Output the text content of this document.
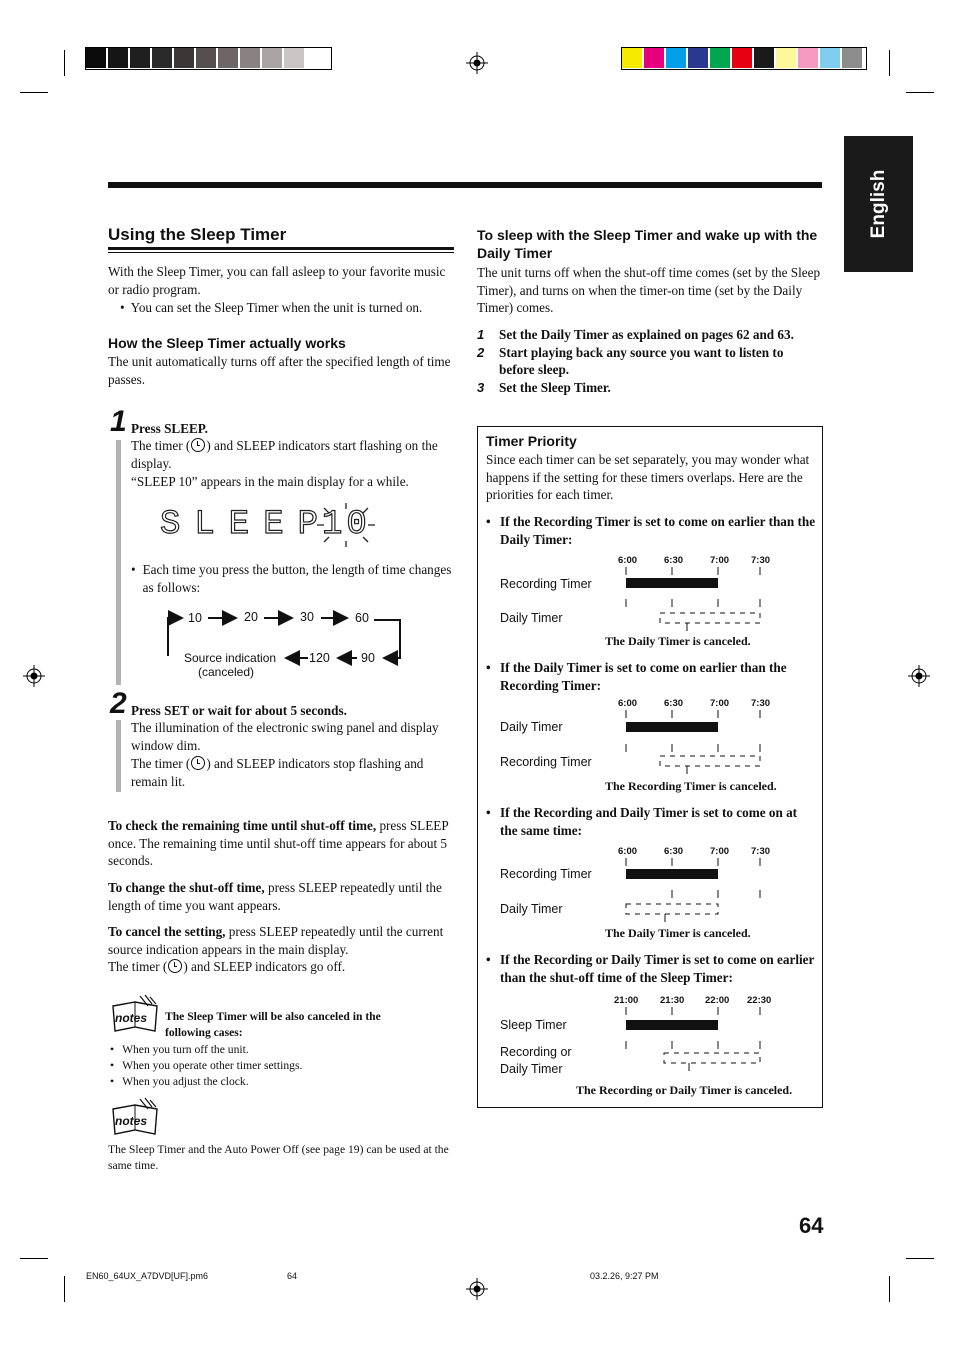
English
Using the Sleep Timer
With the Sleep Timer, you can fall asleep to your favorite music or radio program.
• You can set the Sleep Timer when the unit is turned on.
How the Sleep Timer actually works
The unit automatically turns off after the specified length of time passes.
1 Press SLEEP.
The timer ( ) and SLEEP indicators start flashing on the display.
“SLEEP 10” appears in the main display for a while.
SLEEP
10
• Each time you press the button, the length of time changes as follows:
10	20	30	60
90
120
Source indication
(canceled)
2 Press SET or wait for about 5 seconds.
The illumination of the electronic swing panel and display window dim.
The timer ( ) and SLEEP indicators stop flashing and remain lit.
To check the remaining time until shut-off time, press SLEEP once. The remaining time until shut-off time appears for about 5 seconds.
To change the shut-off time, press SLEEP repeatedly until the length of time you want appears.
To cancel the setting, press SLEEP repeatedly until the current source indication appears in the main display.
The timer ( ) and SLEEP indicators go off.
notes The Sleep Timer will be also canceled in the following cases:
• When you turn off the unit.
• When you operate other timer settings.
• When you adjust the clock.
notes
The Sleep Timer and the Auto Power Off (see page 19) can be used at the same time.
To sleep with the Sleep Timer and wake up with the Daily Timer
The unit turns off when the shut-off time comes (set by the Sleep Timer), and turns on when the timer-on time (set by the Daily Timer) comes.
1	Set the Daily Timer as explained on pages 62 and 63.
2	Start playing back any source you want to listen to before sleep.
3	Set the Sleep Timer.
Timer Priority
Since each timer can be set separately, you may wonder what happens if the setting for these timers overlaps. Here are the priorities for each timer.
• If the Recording Timer is set to come on earlier than the Daily Timer:
6:00	6:30	7:00 7:30
Recording Timer
Daily Timer
The Daily Timer is canceled.
• If the Daily Timer is set to come on earlier than the Recording Timer:
6:00	6:30	7:00 7:30
Daily Timer
Recording Timer
The Recording Timer is canceled.
• If the Recording and Daily Timer is set to come on at the same time:
6:00	6:30	7:00 7:30
Recording Timer
Daily Timer
The Daily Timer is canceled.
• If the Recording or Daily Timer is set to come on earlier than the shut-off time of the Sleep Timer:
21:00 21:30 22:00 22:30
Sleep Timer
Recording or
Daily Timer
The Recording or Daily Timer is canceled.
64
EN60_64UX_A7DVD[UF].pm6	64	03.2.26, 9:27 PM
